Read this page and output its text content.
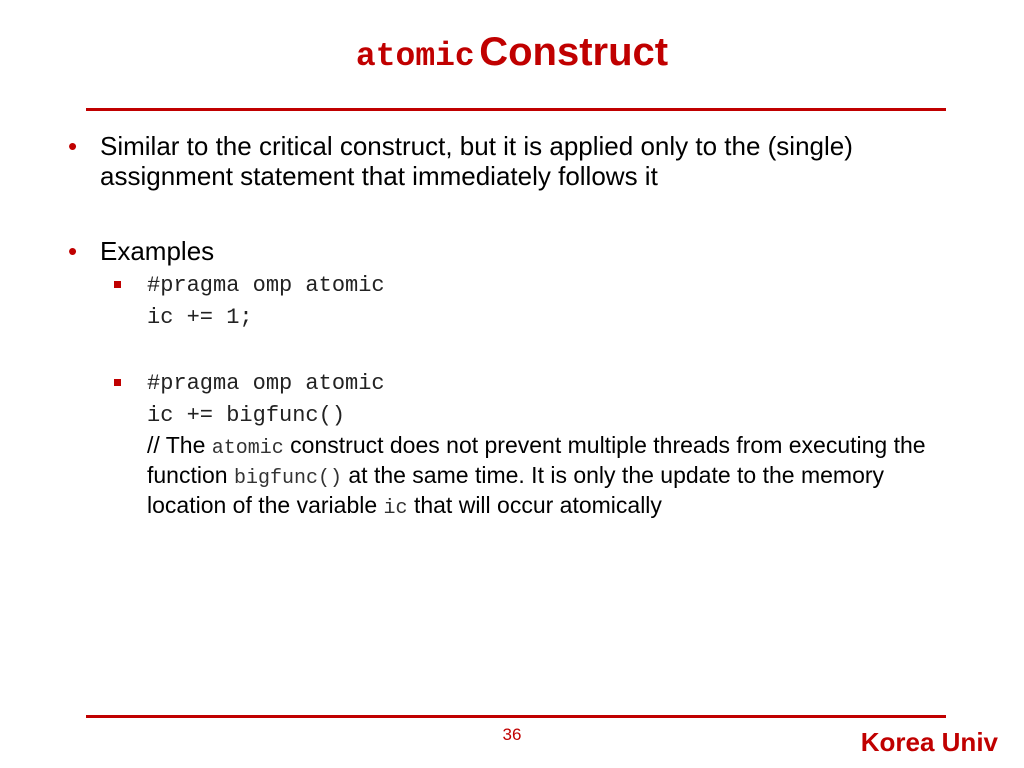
atomic Construct
• Similar to the critical construct, but it is applied only to the (single) assignment statement that immediately follows it
• Examples
#pragma omp atomic
ic += 1;
#pragma omp atomic
ic += bigfunc()
// The atomic construct does not prevent multiple threads from executing the function bigfunc() at the same time. It is only the update to the memory location of the variable ic that will occur atomically
36	Korea Univ
